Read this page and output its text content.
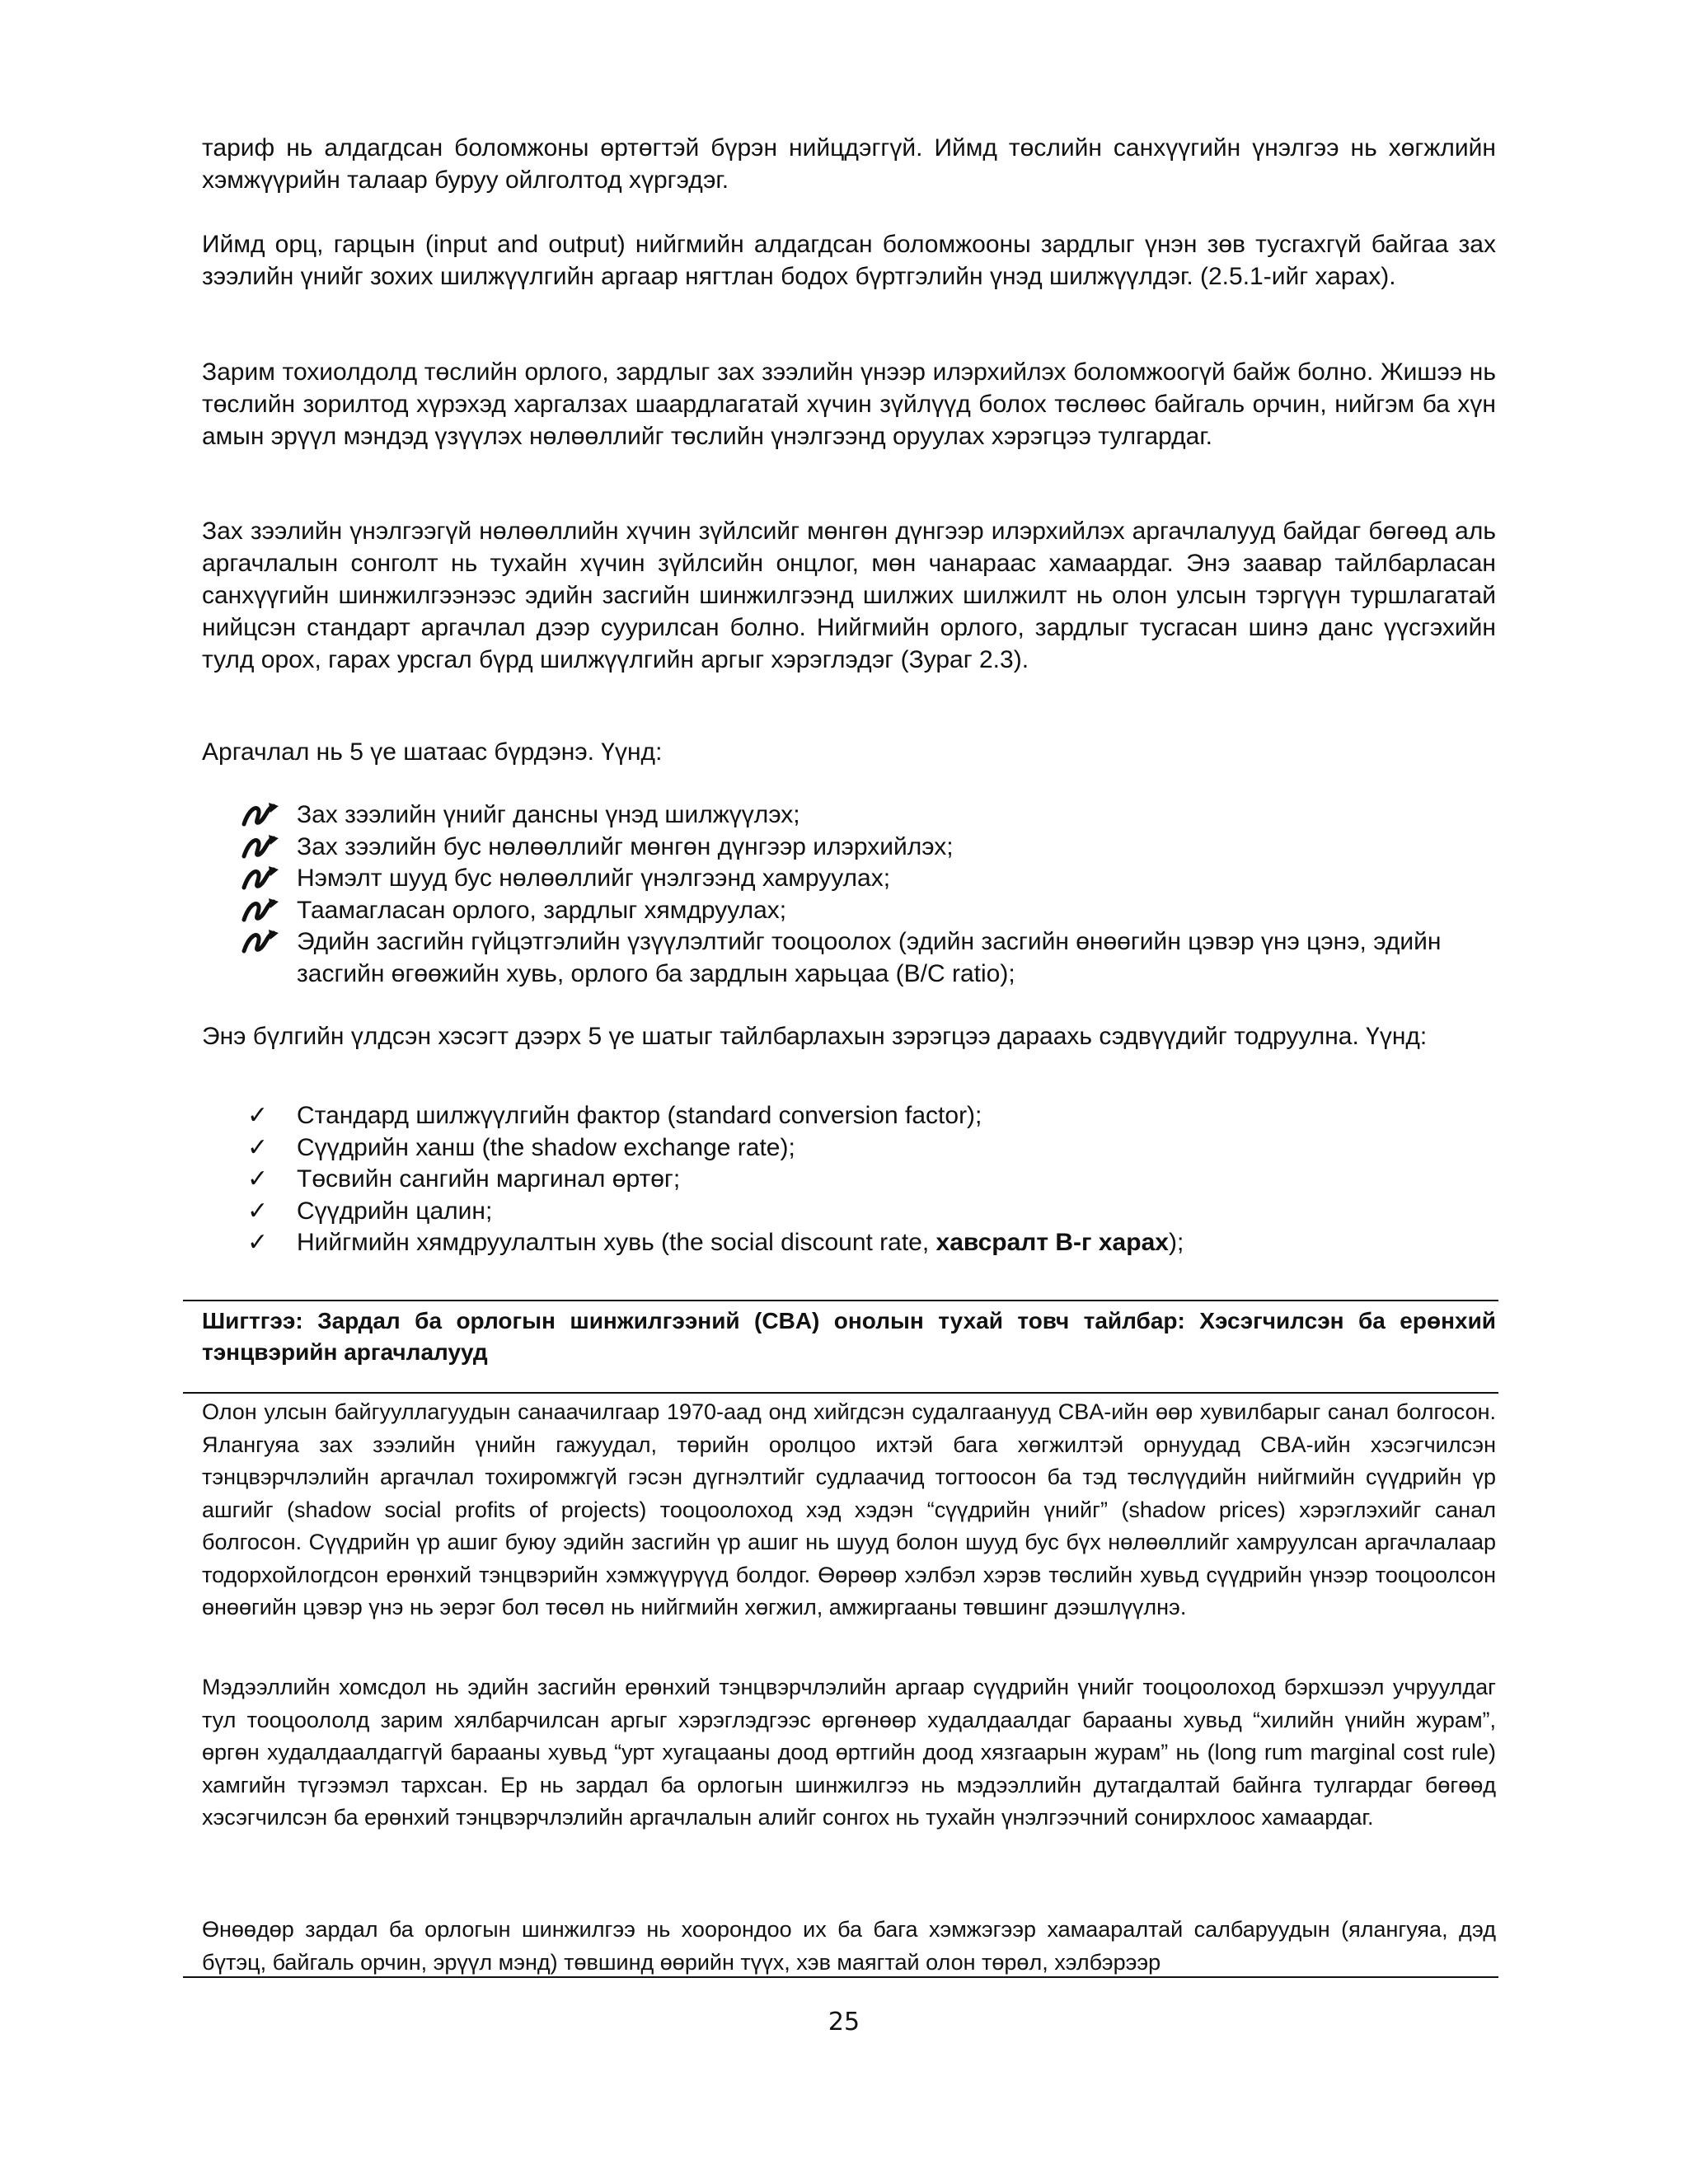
тариф нь алдагдсан боломжоны өртөгтэй бүрэн нийцдэггүй. Иймд төслийн санхүүгийн үнэлгээ нь хөгжлийн хэмжүүрийн талаар буруу ойлголтод хүргэдэг.

Иймд орц, гарцын (input and output) нийгмийн алдагдсан боломжооны зардлыг үнэн зөв тусгахгүй байгаа зах зээлийн үнийг зохих шилжүүлгийн аргаар нягтлан бодох бүртгэлийн үнэд шилжүүлдэг. (2.5.1-ийг харах).

Зарим тохиолдолд төслийн орлого, зардлыг зах зээлийн үнээр илэрхийлэх боломжоогүй байж болно. Жишээ нь төслийн зорилтод хүрэхэд харгалзах шаардлагатай хүчин зүйлүүд болох төслөөс байгаль орчин, нийгэм ба хүн амын эрүүл мэндэд үзүүлэх нөлөөллийг төслийн үнэлгээнд оруулах хэрэгцээ тулгардаг.

Зах зээлийн үнэлгээгүй нөлөөллийн хүчин зүйлсийг мөнгөн дүнгээр илэрхийлэх аргачлалууд байдаг бөгөөд аль аргачлалын сонголт нь тухайн хүчин зүйлсийн онцлог, мөн чанараас хамаардаг. Энэ заавар тайлбарласан санхүүгийн шинжилгээнээс эдийн засгийн шинжилгээнд шилжих шилжилт нь олон улсын тэргүүн туршлагатай нийцсэн стандарт аргачлал дээр суурилсан болно. Нийгмийн орлого, зардлыг тусгасан шинэ данс үүсгэхийн тулд орох, гарах урсгал бүрд шилжүүлгийн аргыг хэрэглэдэг (Зураг 2.3).

Аргачлал нь 5 үе шатаас бүрдэнэ. Үүнд:

Зах зээлийн үнийг дансны үнэд шилжүүлэх;
Зах зээлийн бус нөлөөллийг мөнгөн дүнгээр илэрхийлэх;
Нэмэлт шууд бус нөлөөллийг үнэлгээнд хамруулах;
Таамагласан орлого, зардлыг хямдруулах;
Эдийн засгийн гүйцэтгэлийн үзүүлэлтийг тооцоолох (эдийн засгийн өнөөгийн цэвэр үнэ цэнэ, эдийн засгийн өгөөжийн хувь, орлого ба зардлын харьцаа (B/C ratio);

Энэ бүлгийн үлдсэн хэсэгт дээрх 5 үе шатыг тайлбарлахын зэрэгцээ дараахь сэдвүүдийг тодруулна. Үүнд:

✓ Стандард шилжүүлгийн фактор (standard conversion factor);
✓ Сүүдрийн ханш (the shadow exchange rate);
✓ Төсвийн сангийн маргинал өртөг;
✓ Сүүдрийн цалин;
✓ Нийгмийн хямдруулалтын хувь (the social discount rate, хавсралт B-г харах);

Шигтгээ: Зардал ба орлогын шинжилгээний (CBA) онолын тухай товч тайлбар: Хэсэгчилсэн ба ерөнхий тэнцвэрийн аргачлалууд

Олон улсын байгууллагуудын санаачилгаар 1970-аад онд хийгдсэн судалгаанууд CBA-ийн өөр хувилбарыг санал болгосон. Ялангуяа зах зээлийн үнийн гажуудал, төрийн оролцоо ихтэй бага хөгжилтэй орнуудад CBA-ийн хэсэгчилсэн тэнцвэрчлэлийн аргачлал тохиромжгүй гэсэн дүгнэлтийг судлаачид тогтоосон ба тэд төслүүдийн нийгмийн сүүдрийн үр ашгийг (shadow social profits of projects) тооцоолоход хэд хэдэн “сүүдрийн үнийг” (shadow prices) хэрэглэхийг санал болгосон. Сүүдрийн үр ашиг буюу эдийн засгийн үр ашиг нь шууд болон шууд бус бүх нөлөөллийг хамруулсан аргачлалаар тодорхойлогдсон ерөнхий тэнцвэрийн хэмжүүрүүд болдог. Өөрөөр хэлбэл хэрэв төслийн хувьд сүүдрийн үнээр тооцоолсон өнөөгийн цэвэр үнэ нь эерэг бол төсөл нь нийгмийн хөгжил, амжиргааны төвшинг дээшлүүлнэ.

Мэдээллийн хомсдол нь эдийн засгийн ерөнхий тэнцвэрчлэлийн аргаар сүүдрийн үнийг тооцоолоход бэрхшээл учруулдаг тул тооцоололд зарим хялбарчилсан аргыг хэрэглэдгээс өргөнөөр худалдаалдаг барааны хувьд “хилийн үнийн журам”, өргөн худалдаалдаггүй барааны хувьд “урт хугацааны доод өртгийн доод хязгаарын журам” нь (long rum marginal cost rule) хамгийн түгээмэл тархсан. Ер нь зардал ба орлогын шинжилгээ нь мэдээллийн дутагдалтай байнга тулгардаг бөгөөд хэсэгчилсэн ба ерөнхий тэнцвэрчлэлийн аргачлалын алийг сонгох нь тухайн үнэлгээчний сонирхлоос хамаардаг.

Өнөөдөр зардал ба орлогын шинжилгээ нь хоорондоо их ба бага хэмжэгээр хамааралтай салбаруудын (ялангуяа, дэд бүтэц, байгаль орчин, эрүүл мэнд) төвшинд өөрийн түүх, хэв маягтай олон төрөл, хэлбэрээр

25
